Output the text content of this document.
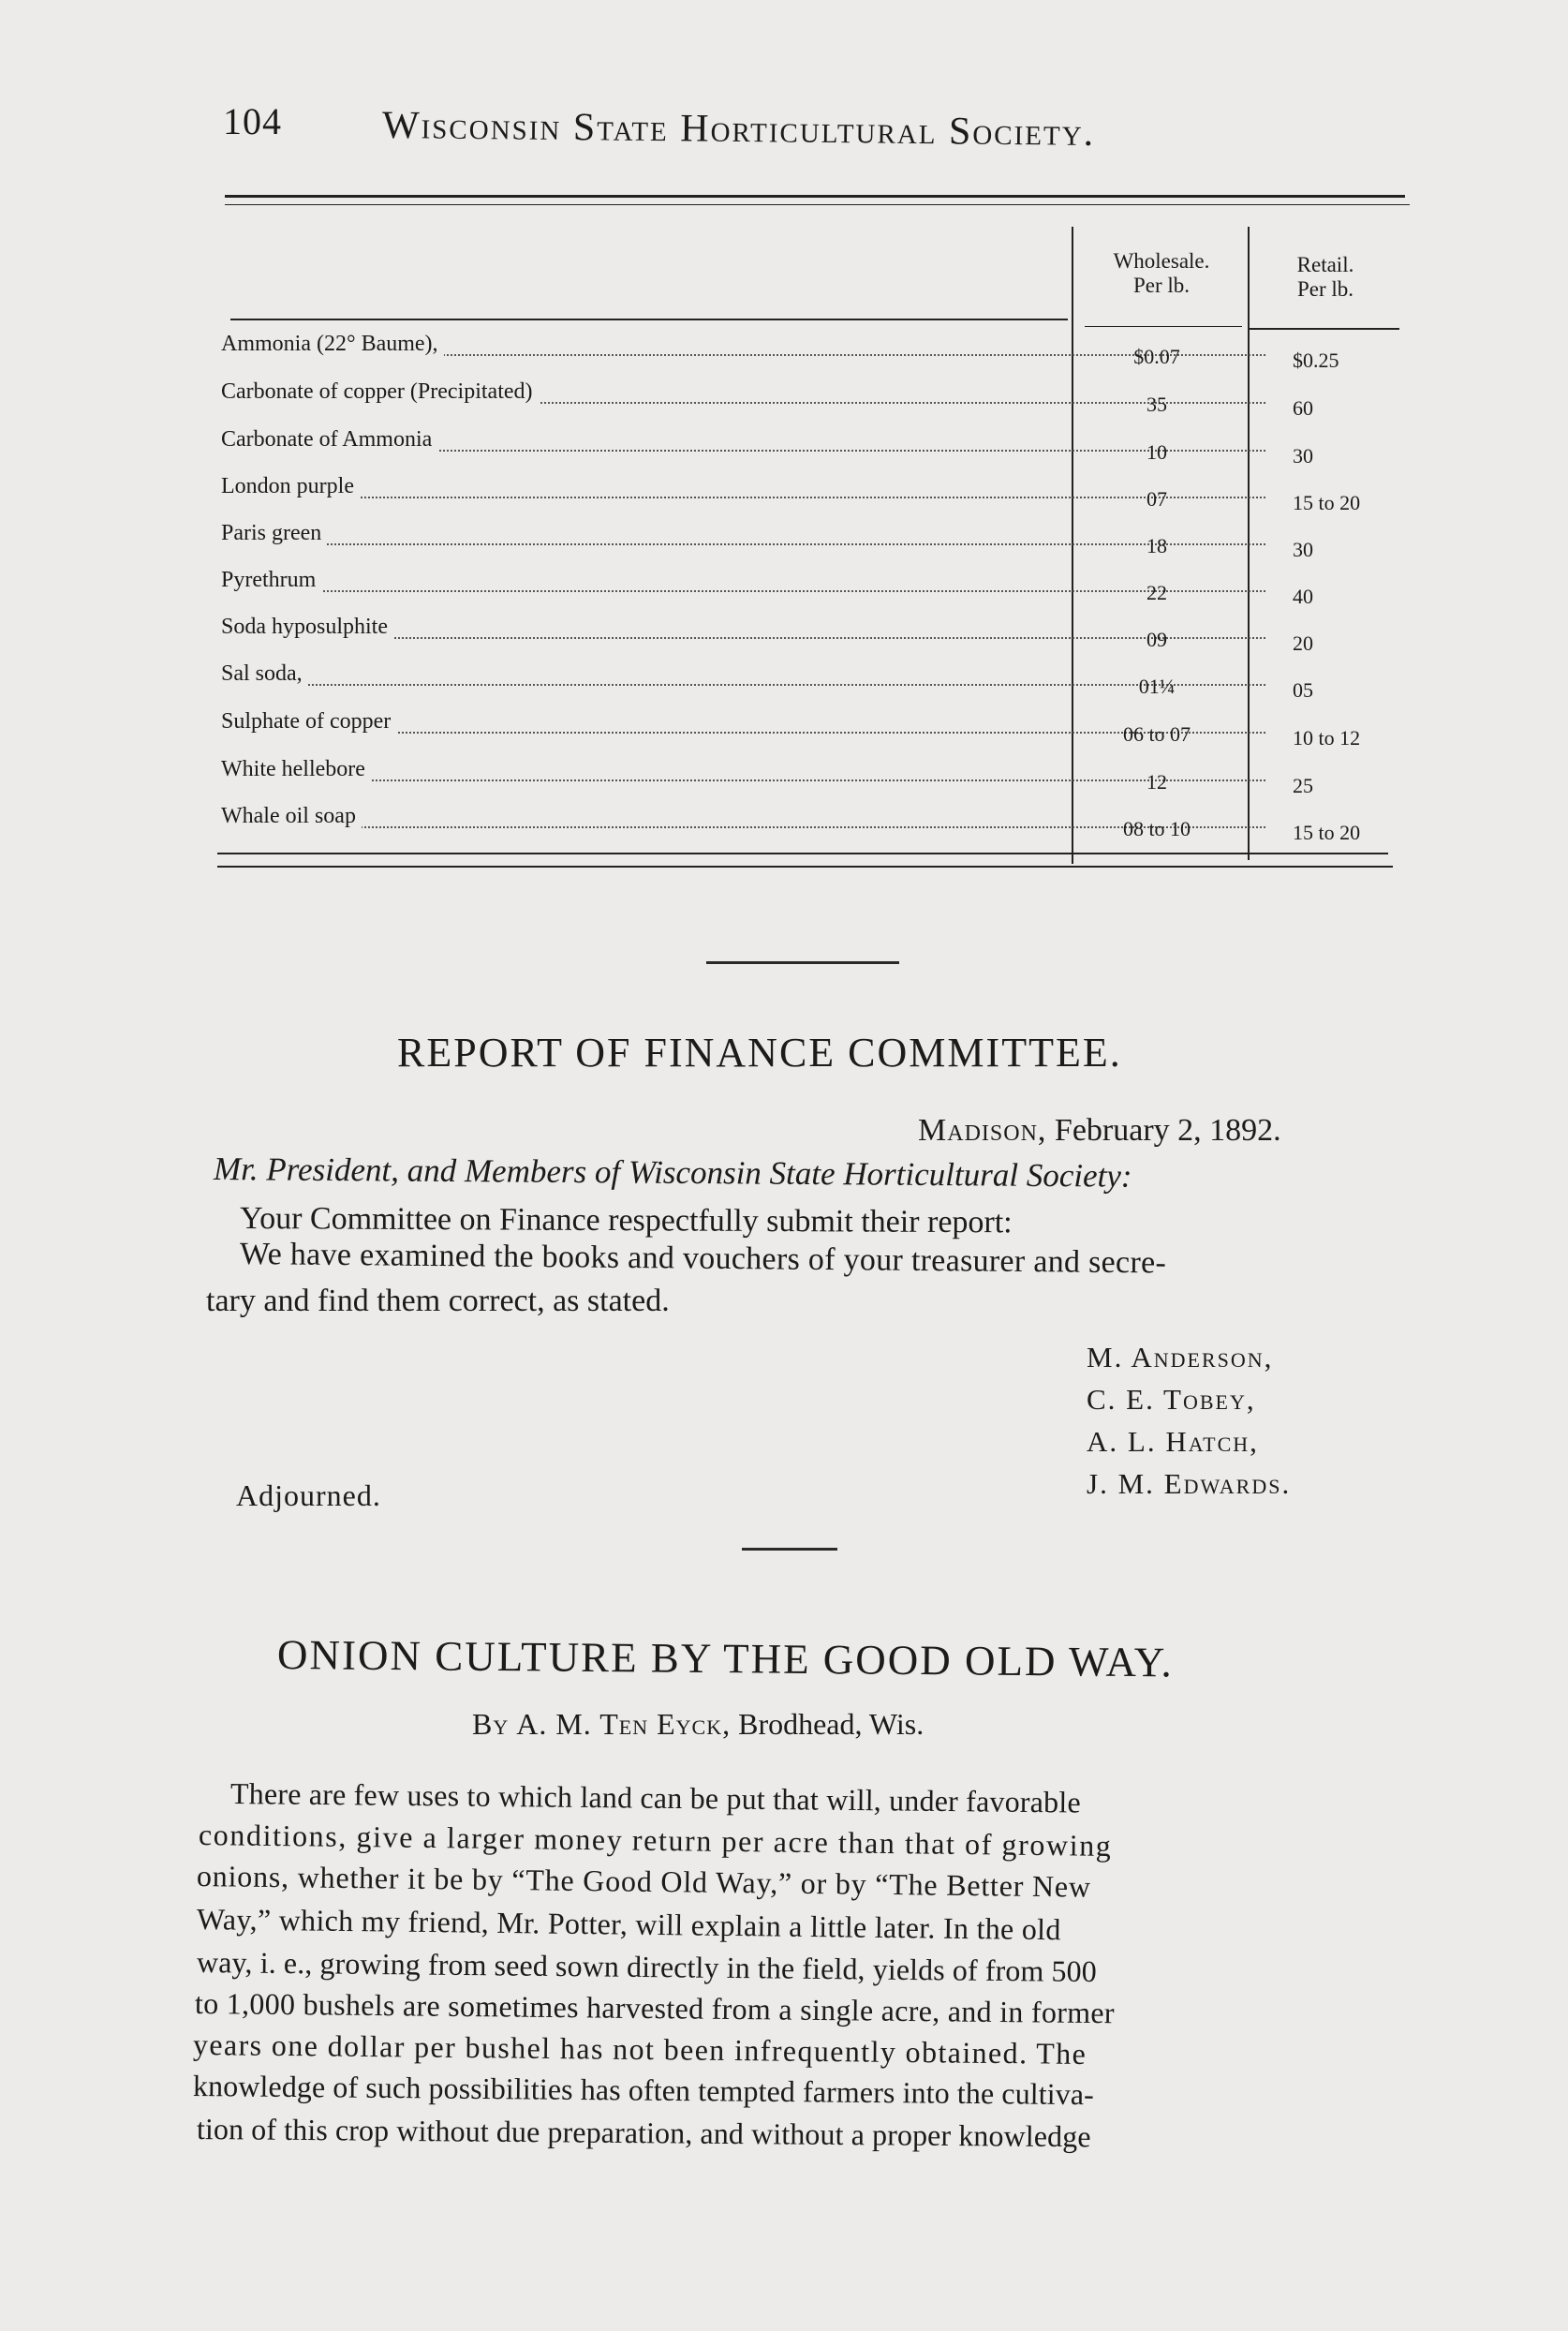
104	Wisconsin State Horticultural Society.
Wholesale.
Per lb.
Retail.
Per lb.
Ammonia (22° Baume),
$0.07	$0.25
Carbonate of copper (Precipitated)
35	60
Carbonate of Ammonia
10	30
London purple
07	15 to 20
Paris green
18	30
Pyrethrum
22	40
Soda hyposulphite
09	20
Sal soda,
01¼	05
Sulphate of copper
06 to 07	10 to 12
White hellebore
12	25
Whale oil soap
08 to 10	15 to 20
REPORT OF FINANCE COMMITTEE.
Madison, February 2, 1892.
Mr. President, and Members of Wisconsin State Horticultural Society:
Your Committee on Finance respectfully submit their report:
We have examined the books and vouchers of your treasurer and secre-
tary and find them correct, as stated.
M. Anderson,
C. E. Tobey,
A. L. Hatch,
J. M. Edwards.
Adjourned.
ONION CULTURE BY THE GOOD OLD WAY.
By A. M. Ten Eyck, Brodhead, Wis.
There are few uses to which land can be put that will, under favorable
conditions, give a larger money return per acre than that of growing
onions, whether it be by “The Good Old Way,” or by “The Better New
Way,” which my friend, Mr. Potter, will explain a little later. In the old
way, i. e., growing from seed sown directly in the field, yields of from 500
to 1,000 bushels are sometimes harvested from a single acre, and in former
years one dollar per bushel has not been infrequently obtained. The
knowledge of such possibilities has often tempted farmers into the cultiva-
tion of this crop without due preparation, and without a proper knowledge
